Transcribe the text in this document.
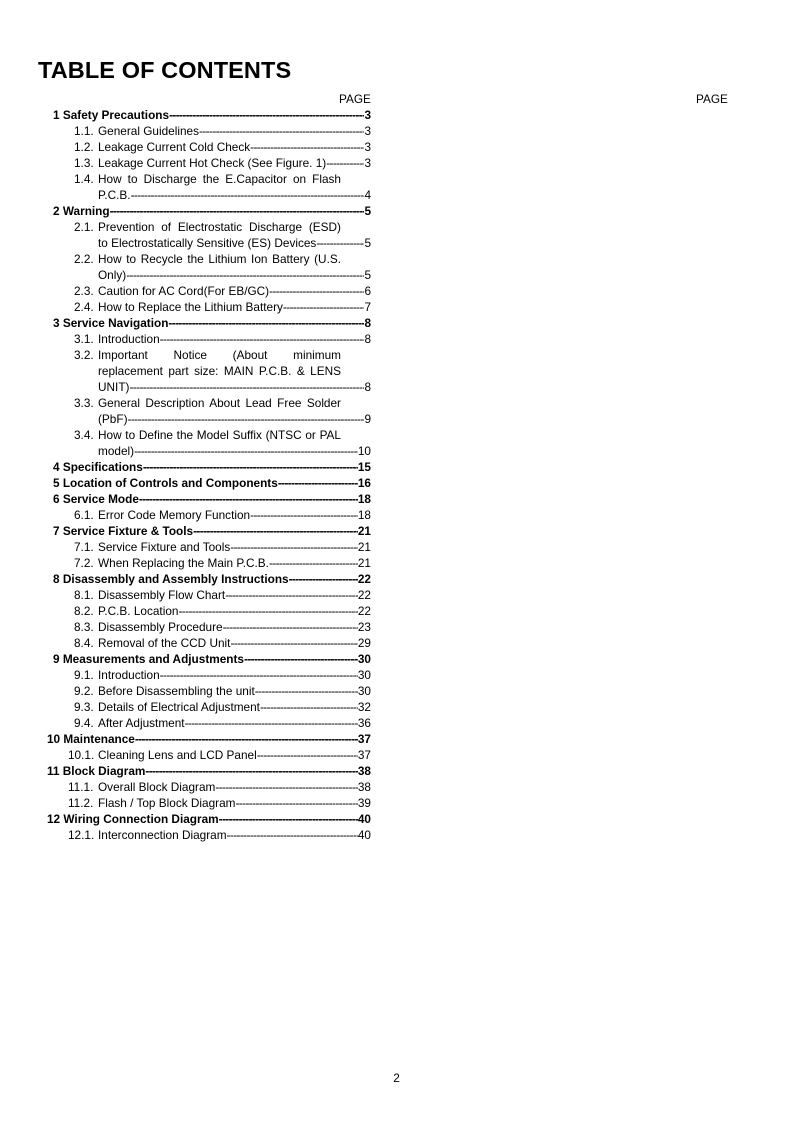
TABLE OF CONTENTS
PAGE	PAGE
1 Safety Precautions -----	3
1.1. General Guidelines -----	3
1.2. Leakage Current Cold Check -----	3
1.3. Leakage Current Hot Check (See Figure. 1) -----	3
1.4. How to Discharge the E.Capacitor on Flash
P.C.B. -----	4
2 Warning -----	5
2.1. Prevention of Electrostatic Discharge (ESD)
to Electrostatically Sensitive (ES) Devices -----	5
2.2. How to Recycle the Lithium Ion Battery (U.S.
Only) -----	5
2.3. Caution for AC Cord(For EB/GC) -----	6
2.4. How to Replace the Lithium Battery -----	7
3 Service Navigation -----	8
3.1. Introduction -----	8
3.2. Important Notice (About minimum
replacement part size: MAIN P.C.B. & LENS
UNIT) -----	8
3.3. General Description About Lead Free Solder
(PbF) -----	9
3.4. How to Define the Model Suffix (NTSC or PAL
model) -----	10
4 Specifications -----	15
5 Location of Controls and Components -----	16
6 Service Mode -----	18
6.1. Error Code Memory Function -----	18
7 Service Fixture & Tools -----	21
7.1. Service Fixture and Tools -----	21
7.2. When Replacing the Main P.C.B. -----	21
8 Disassembly and Assembly Instructions -----	22
8.1. Disassembly Flow Chart -----	22
8.2. P.C.B. Location -----	22
8.3. Disassembly Procedure -----	23
8.4. Removal of the CCD Unit -----	29
9 Measurements and Adjustments -----	30
9.1. Introduction -----	30
9.2. Before Disassembling the unit -----	30
9.3. Details of Electrical Adjustment -----	32
9.4. After Adjustment -----	36
10 Maintenance -----	37
10.1. Cleaning Lens and LCD Panel -----	37
11 Block Diagram -----	38
11.1. Overall Block Diagram -----	38
11.2. Flash / Top Block Diagram -----	39
12 Wiring Connection Diagram -----	40
12.1. Interconnection Diagram -----	40
2
